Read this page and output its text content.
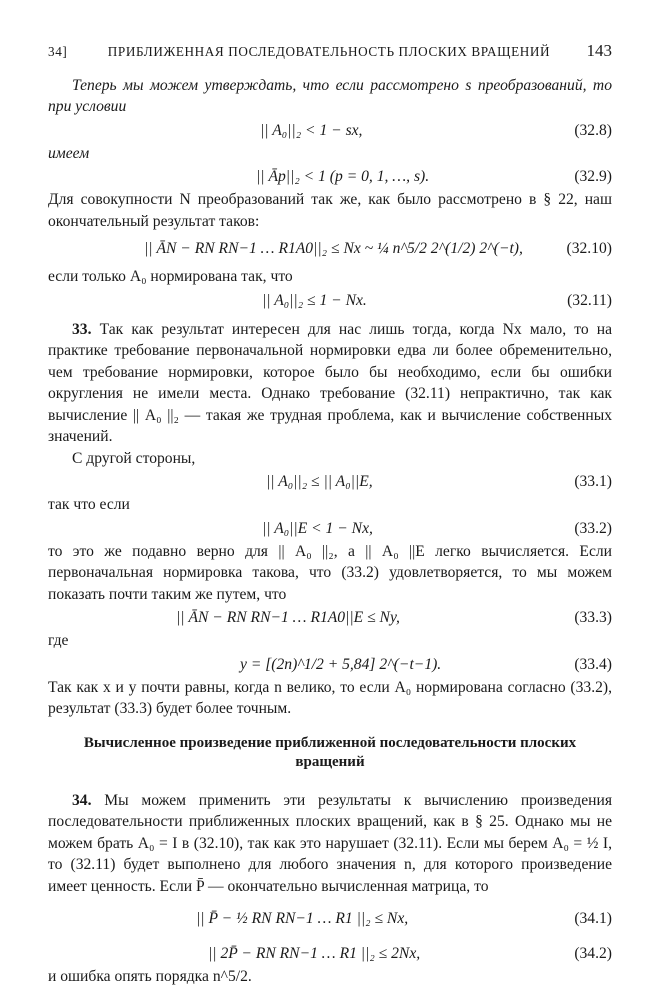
34]	ПРИБЛИЖЕННАЯ ПОСЛЕДОВАТЕЛЬНОСТЬ ПЛОСКИХ ВРАЩЕНИЙ	143

Теперь мы можем утверждать, что если рассмотрено s преобразований, то при условии

|| A₀||₂ < 1 − sx,	(32.8)

имеем

|| Āp||₂ < 1 (p = 0, 1, …, s).	(32.9)

Для совокупности N преобразований так же, как было рассмотрено в § 22, наш окончательный результат таков:

|| ĀN − RN RN−1 … R1A0||₂ ≤ Nx ~ ¼ n^5/2 2^(1/2) 2^(−t),	(32.10)

если только A₀ нормирована так, что

|| A₀||₂ ≤ 1 − Nx.	(32.11)

33. Так как результат интересен для нас лишь тогда, когда Nx мало, то на практике требование первоначальной нормировки едва ли более обременительно, чем требование нормировки, которое было бы необходимо, если бы ошибки округления не имели места. Однако требование (32.11) непрактично, так как вычисление || A₀ ||₂ — такая же трудная проблема, как и вычисление собственных значений.

С другой стороны,

|| A₀||₂ ≤ || A₀||E,	(33.1)

так что если

|| A₀||E < 1 − Nx,	(33.2)

то это же подавно верно для || A₀ ||₂, а || A₀ ||E легко вычисляется. Если первоначальная нормировка такова, что (33.2) удовлетворяется, то мы можем показать почти таким же путем, что

|| ĀN − RN RN−1 … R1A0||E ≤ Ny,	(33.3)

где

y = [(2n)^1/2 + 5,84] 2^(−t−1).	(33.4)

Так как x и y почти равны, когда n велико, то если A₀ нормирована согласно (33.2), результат (33.3) будет более точным.

Вычисленное произведение приближенной последовательности плоских вращений

34. Мы можем применить эти результаты к вычислению произведения последовательности приближенных плоских вращений, как в § 25. Однако мы не можем брать A₀ = I в (32.10), так как это нарушает (32.11). Если мы берем A₀ = ½ I, то (32.11) будет выполнено для любого значения n, для которого произведение имеет ценность. Если P̄ — окончательно вычисленная матрица, то

|| P̄ − ½ RN RN−1 … R1 ||₂ ≤ Nx,	(34.1)
|| 2P̄ − RN RN−1 … R1 ||₂ ≤ 2Nx,	(34.2)

и ошибка опять порядка n^5/2.
